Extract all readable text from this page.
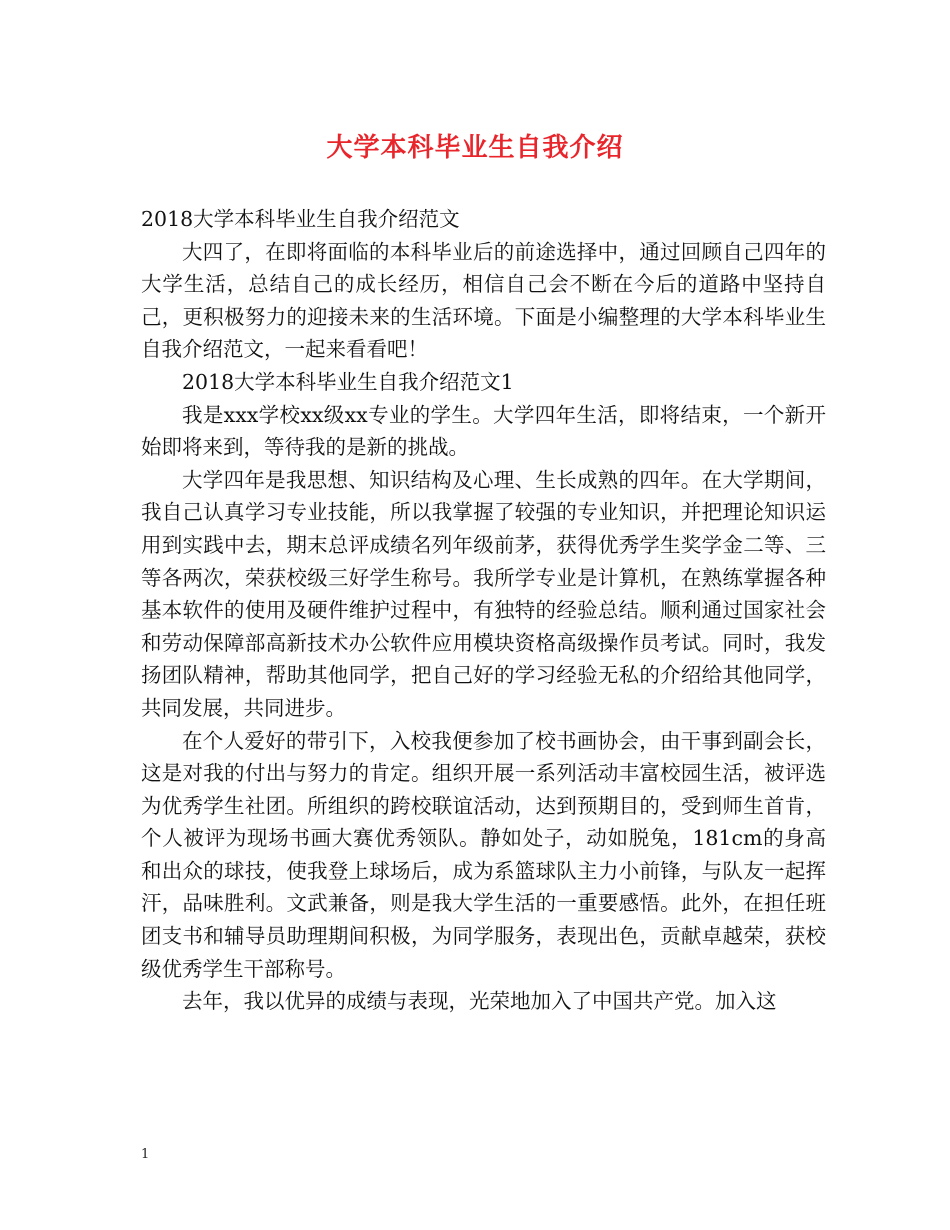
大学本科毕业生自我介绍

2018大学本科毕业生自我介绍范文

大四了，在即将面临的本科毕业后的前途选择中，通过回顾自己四年的大学生活，总结自己的成长经历，相信自己会不断在今后的道路中坚持自己，更积极努力的迎接未来的生活环境。下面是小编整理的大学本科毕业生自我介绍范文，一起来看看吧！

2018大学本科毕业生自我介绍范文1

我是xxx学校xx级xx专业的学生。大学四年生活，即将结束，一个新开始即将来到，等待我的是新的挑战。

大学四年是我思想、知识结构及心理、生长成熟的四年。在大学期间，我自己认真学习专业技能，所以我掌握了较强的专业知识，并把理论知识运用到实践中去，期末总评成绩名列年级前茅，获得优秀学生奖学金二等、三等各两次，荣获校级三好学生称号。我所学专业是计算机，在熟练掌握各种基本软件的使用及硬件维护过程中，有独特的经验总结。顺利通过国家社会和劳动保障部高新技术办公软件应用模块资格高级操作员考试。同时，我发扬团队精神，帮助其他同学，把自己好的学习经验无私的介绍给其他同学，共同发展，共同进步。

在个人爱好的带引下，入校我便参加了校书画协会，由干事到副会长，这是对我的付出与努力的肯定。组织开展一系列活动丰富校园生活，被评选为优秀学生社团。所组织的跨校联谊活动，达到预期目的，受到师生首肯，个人被评为现场书画大赛优秀领队。静如处子，动如脱兔，181cm的身高和出众的球技，使我登上球场后，成为系篮球队主力小前锋，与队友一起挥汗，品味胜利。文武兼备，则是我大学生活的一重要感悟。此外，在担任班团支书和辅导员助理期间积极，为同学服务，表现出色，贡献卓越荣，获校级优秀学生干部称号。

去年，我以优异的成绩与表现，光荣地加入了中国共产党。加入这

1
